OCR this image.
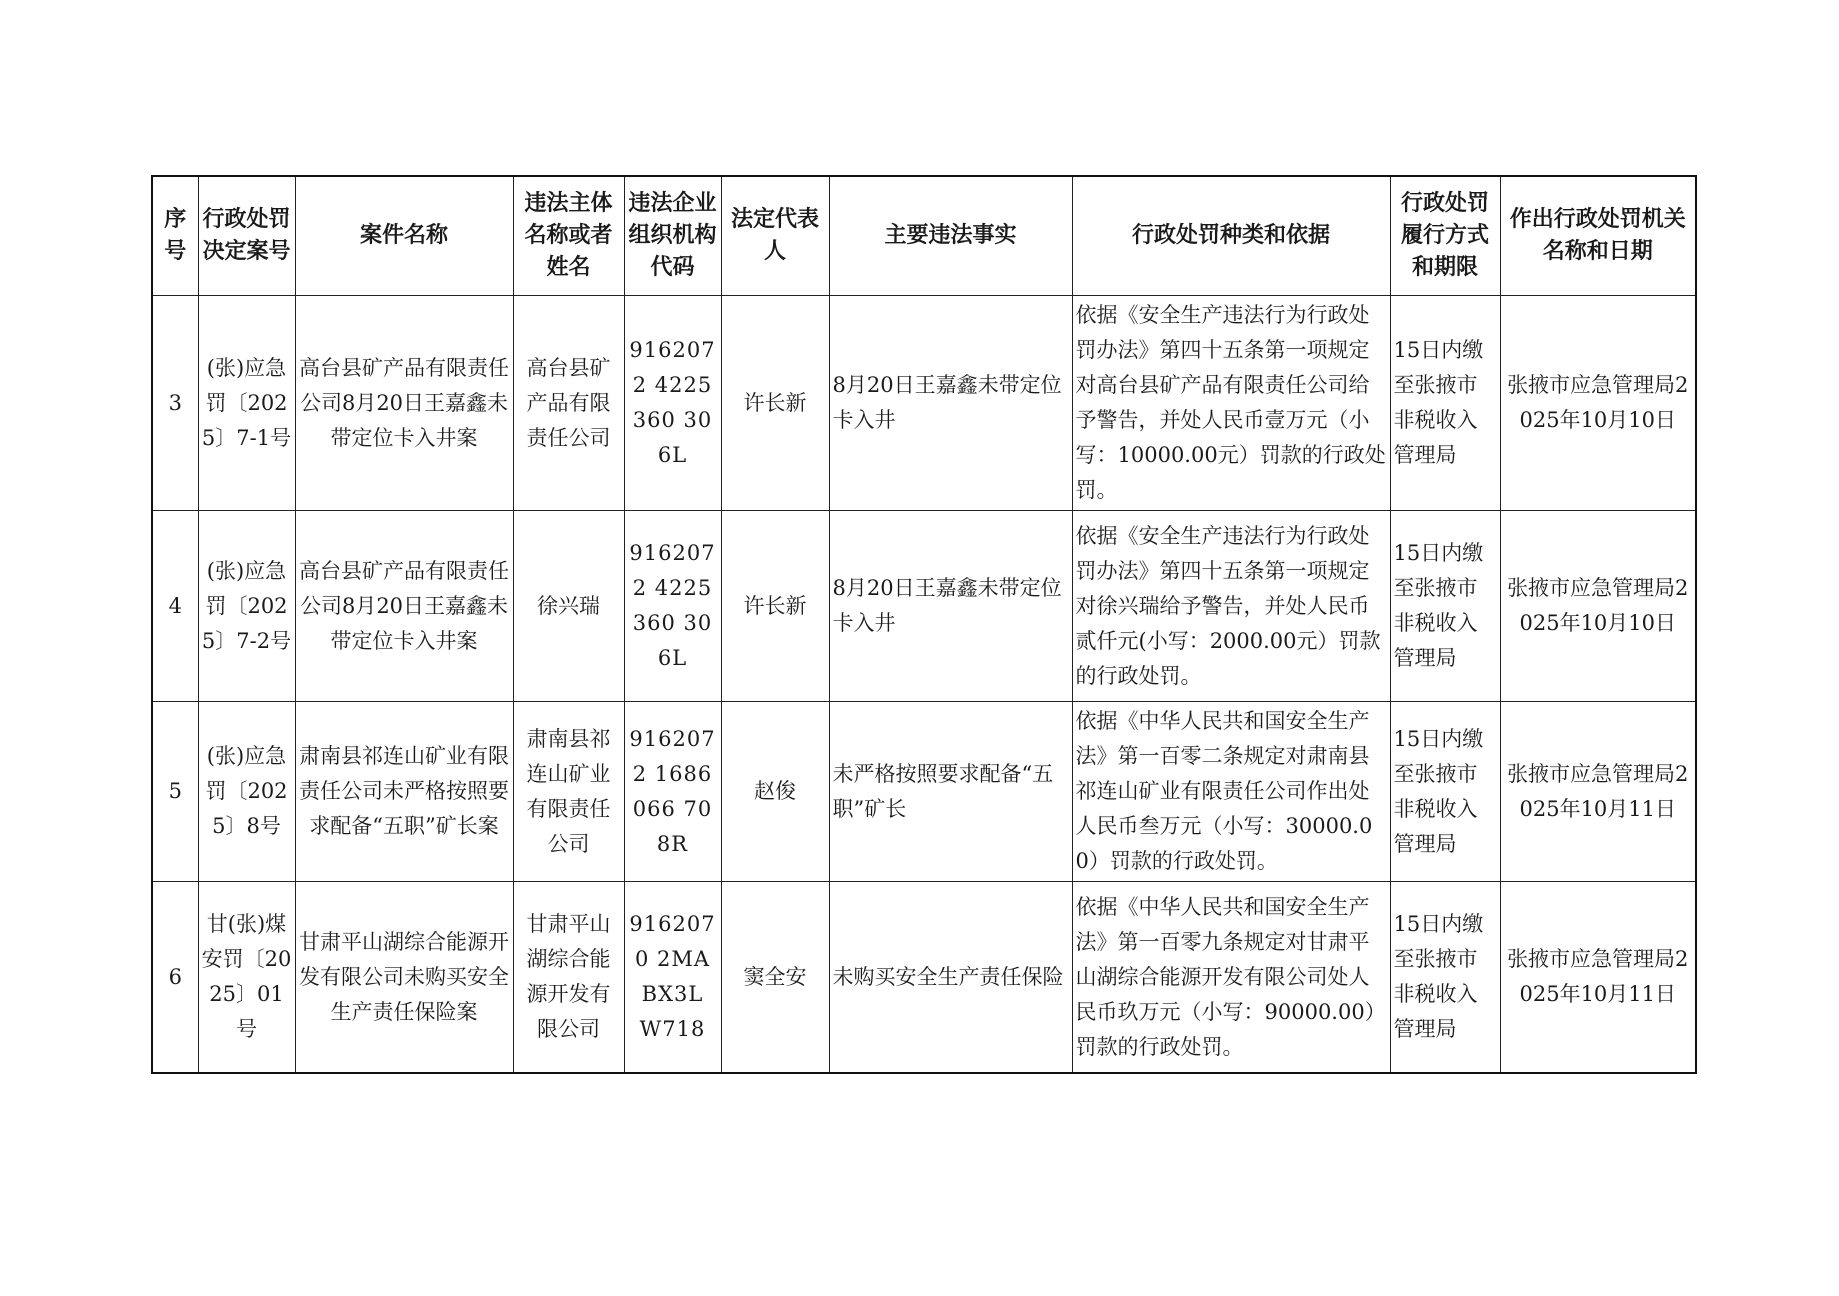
序号	行政处罚决定案号	案件名称	违法主体名称或者姓名	违法企业组织机构代码	法定代表人	主要违法事实	行政处罚种类和依据	行政处罚履行方式和期限	作出行政处罚机关名称和日期
3	(张)应急罚〔2025〕7-1号	高台县矿产品有限责任公司8月20日王嘉鑫未带定位卡入井案	高台县矿产品有限责任公司	9162072 4225360 306L	许长新	8月20日王嘉鑫未带定位卡入井	依据《安全生产违法行为行政处罚办法》第四十五条第一项规定对高台县矿产品有限责任公司给予警告，并处人民币壹万元（小写：10000.00元）罚款的行政处罚。	15日内缴至张掖市非税收入管理局	张掖市应急管理局2025年10月10日
4	(张)应急罚〔2025〕7-2号	高台县矿产品有限责任公司8月20日王嘉鑫未带定位卡入井案	徐兴瑞	9162072 4225360 306L	许长新	8月20日王嘉鑫未带定位卡入井	依据《安全生产违法行为行政处罚办法》第四十五条第一项规定对徐兴瑞给予警告，并处人民币贰仟元(小写：2000.00元）罚款的行政处罚。	15日内缴至张掖市非税收入管理局	张掖市应急管理局2025年10月10日
5	(张)应急罚〔2025〕8号	肃南县祁连山矿业有限责任公司未严格按照要求配备“五职”矿长案	肃南县祁连山矿业有限责任公司	9162072 1686066 708R	赵俊	未严格按照要求配备“五职”矿长	依据《中华人民共和国安全生产法》第一百零二条规定对肃南县祁连山矿业有限责任公司作出处人民币叁万元（小写：30000.00）罚款的行政处罚。	15日内缴至张掖市非税收入管理局	张掖市应急管理局2025年10月11日
6	甘(张)煤安罚〔2025〕01号	甘肃平山湖综合能源开发有限公司未购买安全生产责任保险案	甘肃平山湖综合能源开发有限公司	9162070 2MABX3L W718	窦全安	未购买安全生产责任保险	依据《中华人民共和国安全生产法》第一百零九条规定对甘肃平山湖综合能源开发有限公司处人民币玖万元（小写：90000.00）罚款的行政处罚。	15日内缴至张掖市非税收入管理局	张掖市应急管理局2025年10月11日
